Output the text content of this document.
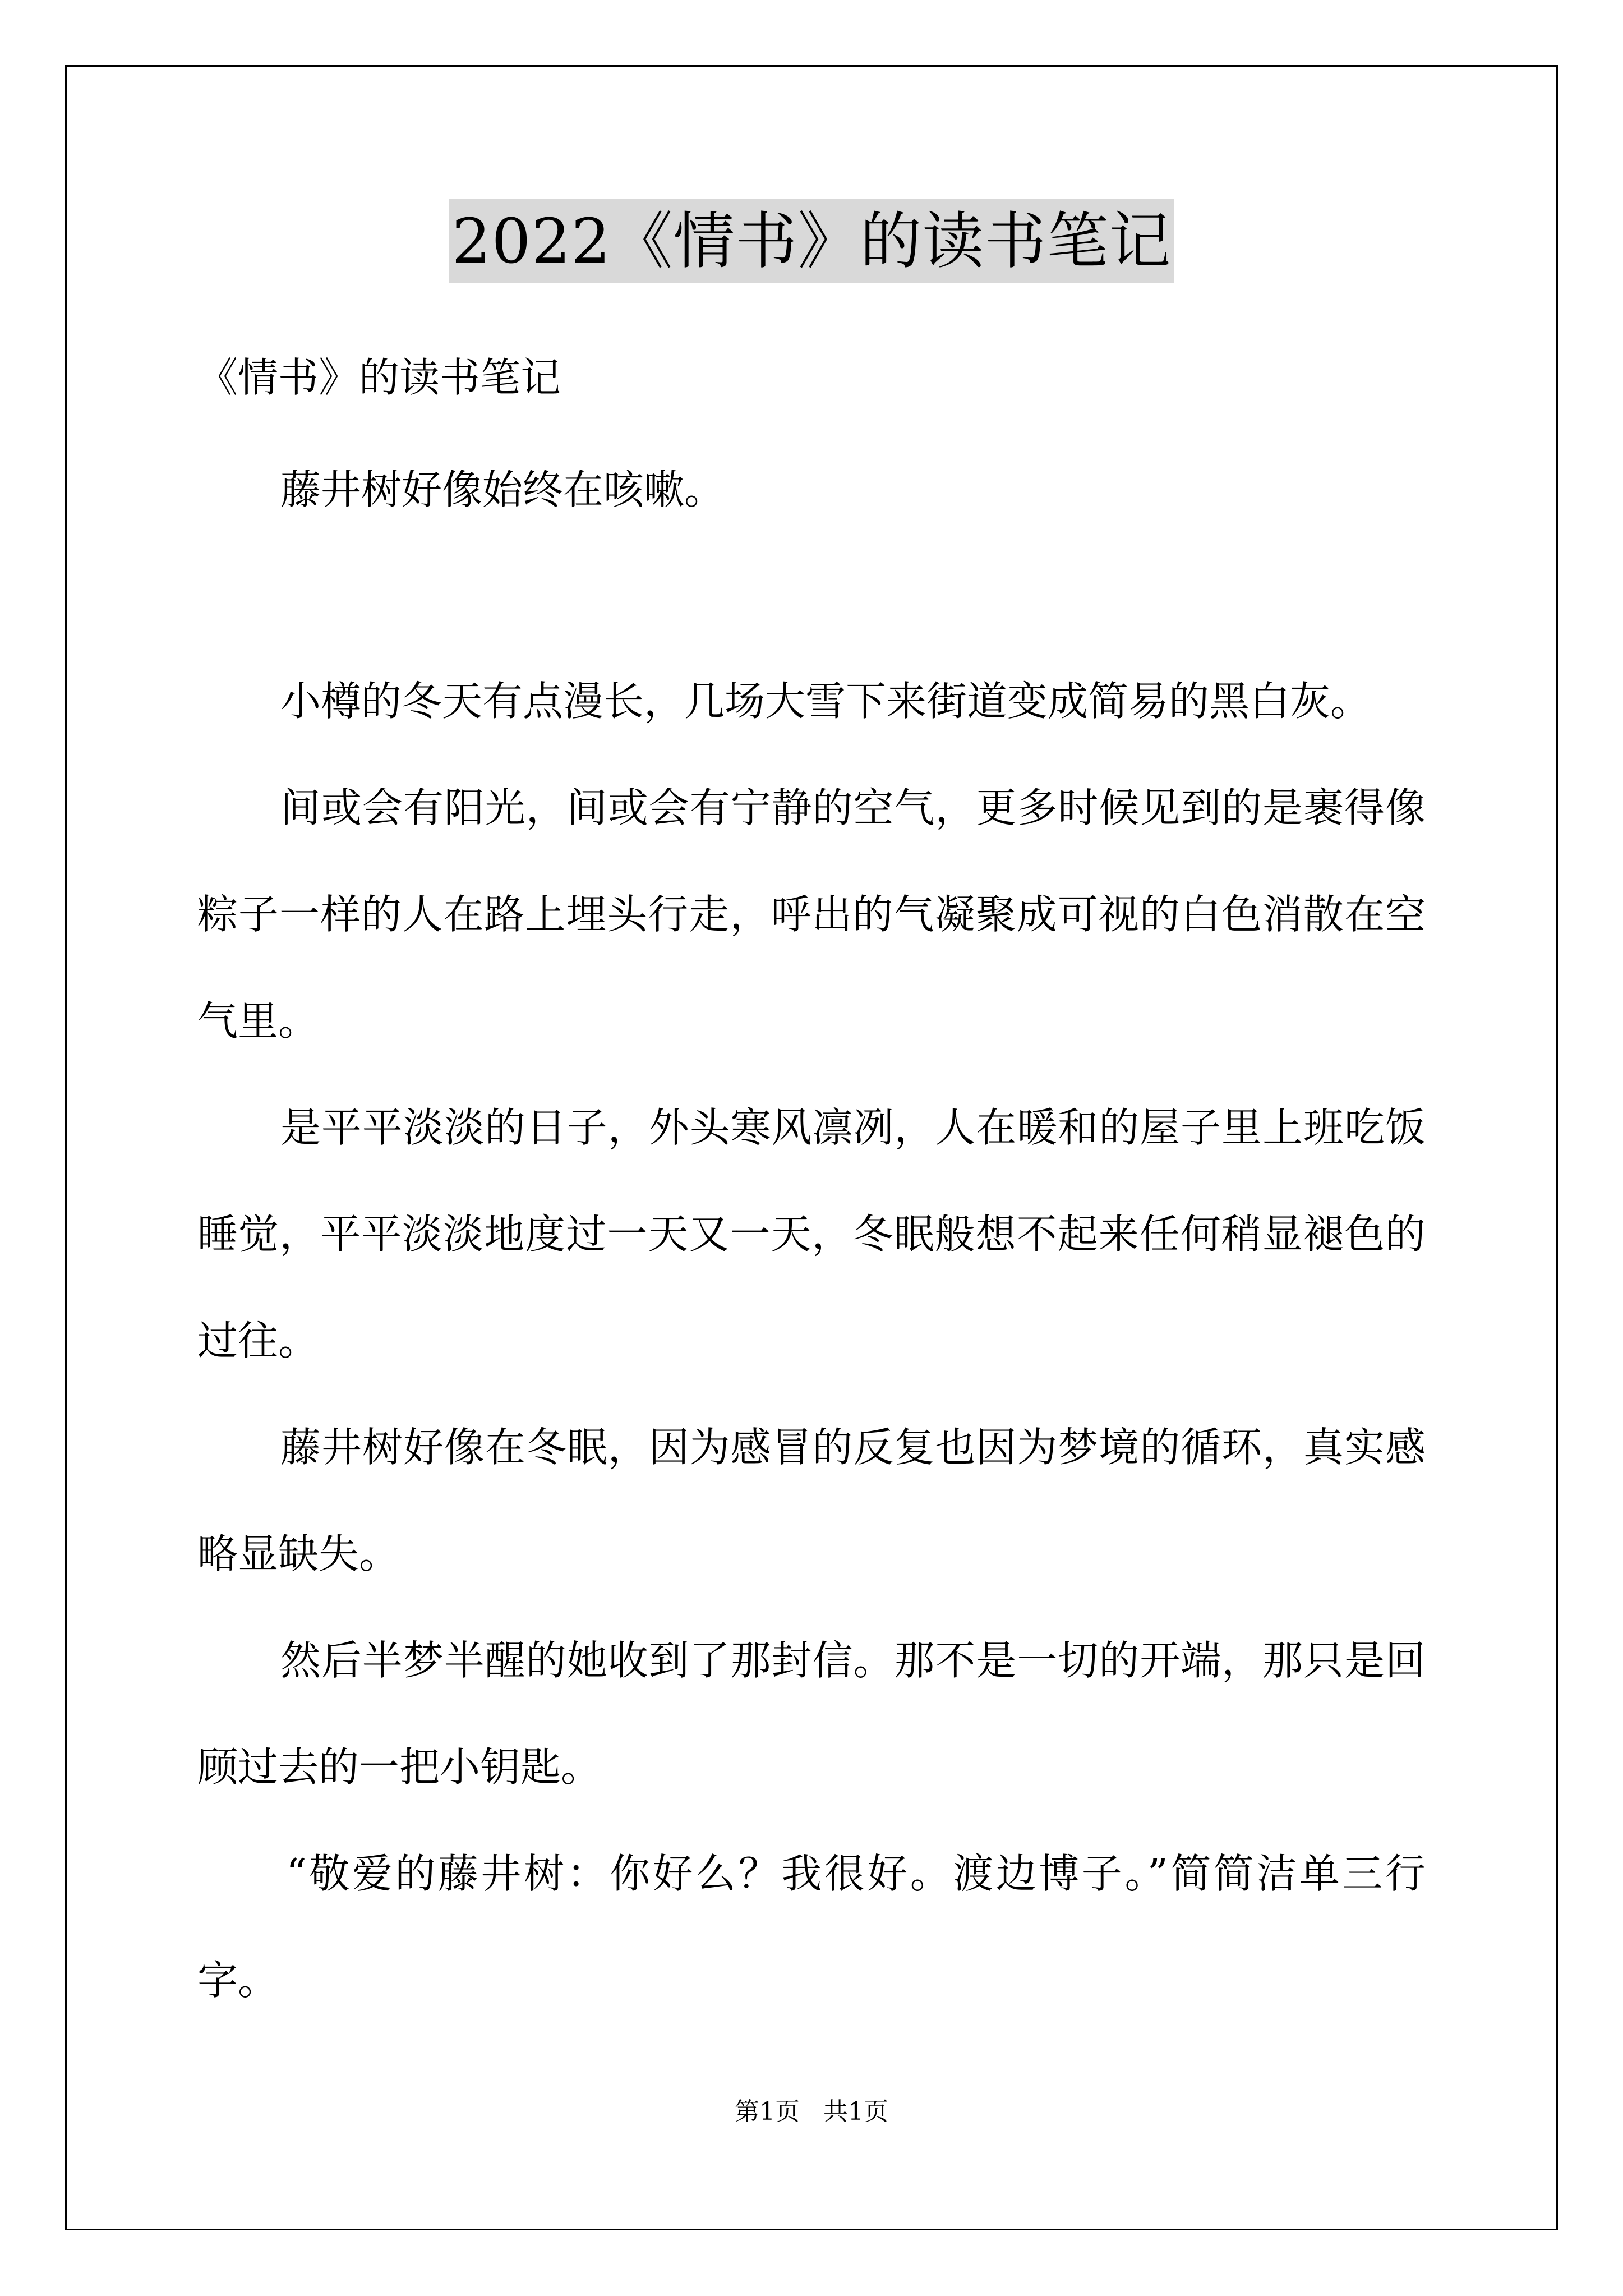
2022《情书》的读书笔记

《情书》的读书笔记

藤井树好像始终在咳嗽。

小樽的冬天有点漫长，几场大雪下来街道变成简易的黑白灰。

间或会有阳光，间或会有宁静的空气，更多时候见到的是裹得像

粽子一样的人在路上埋头行走，呼出的气凝聚成可视的白色消散在空

气里。

是平平淡淡的日子，外头寒风凛冽，人在暖和的屋子里上班吃饭

睡觉，平平淡淡地度过一天又一天，冬眠般想不起来任何稍显褪色的

过往。

藤井树好像在冬眠，因为感冒的反复也因为梦境的循环，真实感

略显缺失。

然后半梦半醒的她收到了那封信。那不是一切的开端，那只是回

顾过去的一把小钥匙。

“敬爱的藤井树：你好么？我很好。渡边博子。”简简洁单三行

字。

第1页   共1页
